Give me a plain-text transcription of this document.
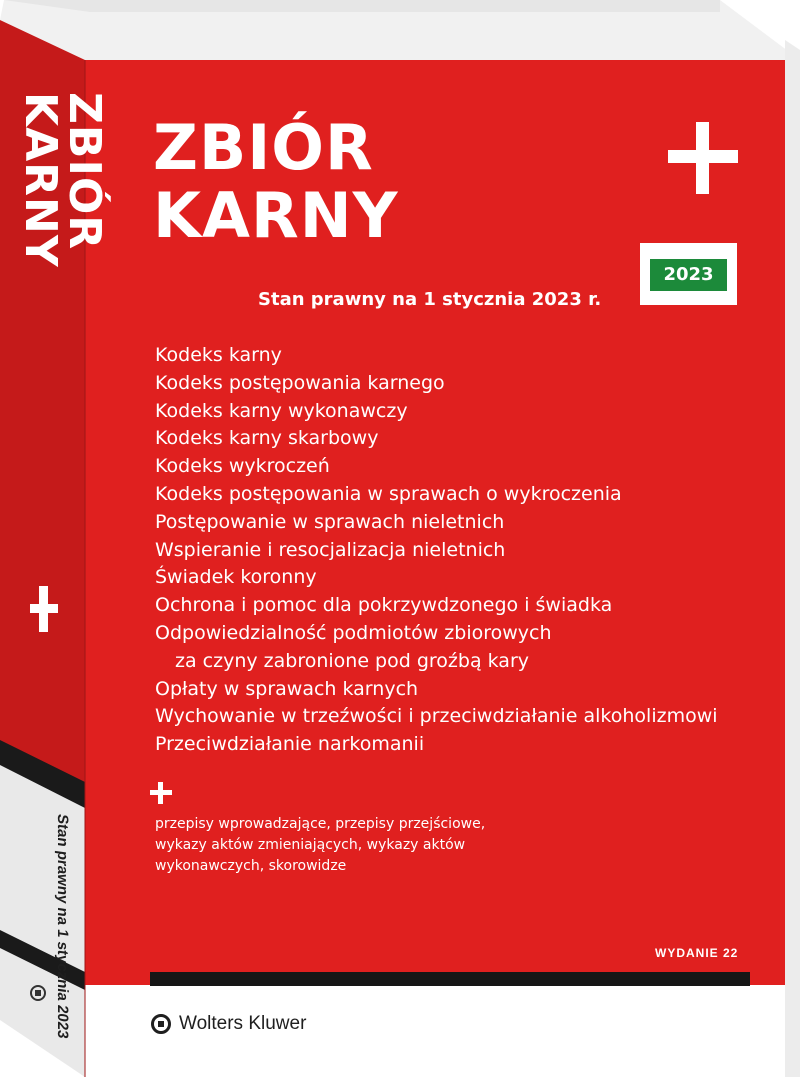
ZBIÓR
KARNY
Stan prawny na 1 stycznia 2023
ZBIÓR
KARNY
2023
Stan prawny na 1 stycznia 2023 r.
Kodeks karny
Kodeks postępowania karnego
Kodeks karny wykonawczy
Kodeks karny skarbowy
Kodeks wykroczeń
Kodeks postępowania w sprawach o wykroczenia
Postępowanie w sprawach nieletnich
Wspieranie i resocjalizacja nieletnich
Świadek koronny
Ochrona i pomoc dla pokrzywdzonego i świadka
Odpowiedzialność podmiotów zbiorowych
za czyny zabronione pod groźbą kary
Opłaty w sprawach karnych
Wychowanie w trzeźwości i przeciwdziałanie alkoholizmowi
Przeciwdziałanie narkomanii
przepisy wprowadzające, przepisy przejściowe,
wykazy aktów zmieniających, wykazy aktów
wykonawczych, skorowidze
WYDANIE 22
Wolters Kluwer
